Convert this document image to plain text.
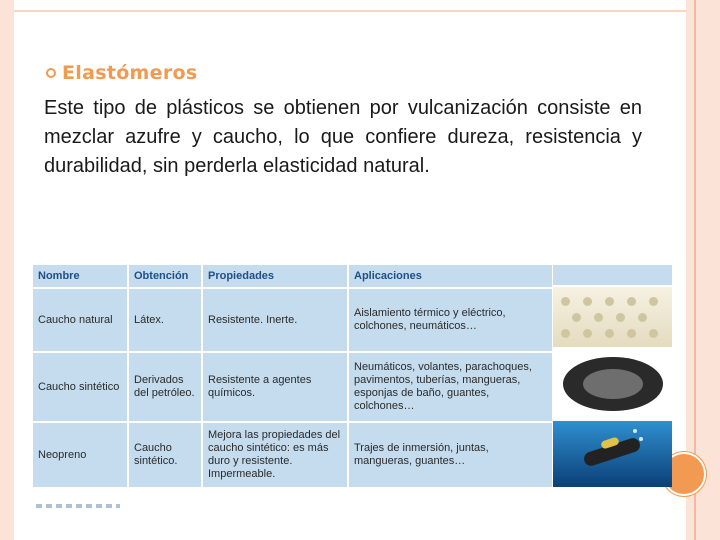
Elastómeros

Este tipo de plásticos se obtienen por vulcanización consiste en mezclar azufre y caucho, lo que confiere dureza, resistencia y durabilidad, sin perderla elasticidad natural.

Nombre	Obtención	Propiedades	Aplicaciones
Caucho natural	Látex.	Resistente. Inerte.	Aislamiento térmico y eléctrico, colchones, neumáticos…
Caucho sintético	Derivados del petróleo.	Resistente a agentes químicos.	Neumáticos, volantes, parachoques, pavimentos, tuberías, mangueras, esponjas de baño, guantes, colchones…
Neopreno	Caucho sintético.	Mejora las propiedades del caucho sintético: es más duro y resistente. Impermeable.	Trajes de inmersión, juntas, mangueras, guantes…
